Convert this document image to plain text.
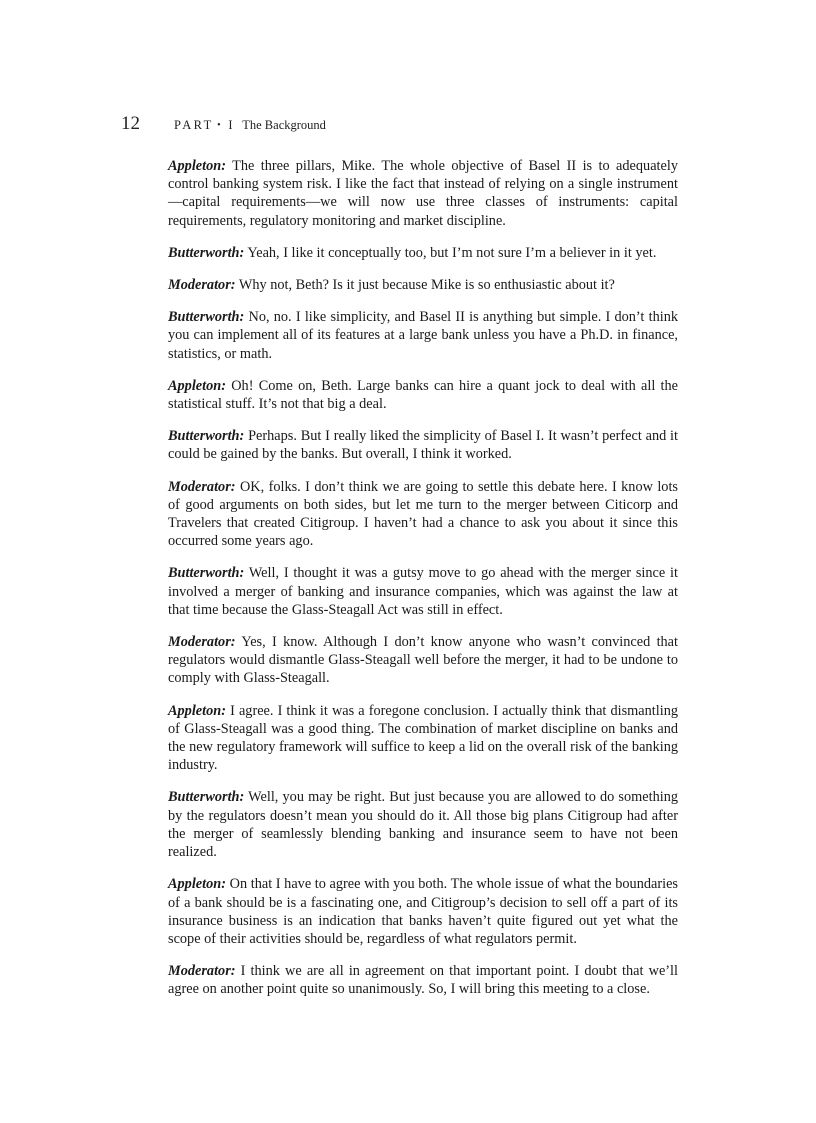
12	PART • I The Background

Appleton: The three pillars, Mike. The whole objective of Basel II is to adequately control banking system risk. I like the fact that instead of relying on a single instrument—capital requirements—we will now use three classes of instruments: capital requirements, regulatory monitoring and market discipline.

Butterworth: Yeah, I like it conceptually too, but I’m not sure I’m a believer in it yet.

Moderator: Why not, Beth? Is it just because Mike is so enthusiastic about it?

Butterworth: No, no. I like simplicity, and Basel II is anything but simple. I don’t think you can implement all of its features at a large bank unless you have a Ph.D. in finance, statistics, or math.

Appleton: Oh! Come on, Beth. Large banks can hire a quant jock to deal with all the statistical stuff. It’s not that big a deal.

Butterworth: Perhaps. But I really liked the simplicity of Basel I. It wasn’t perfect and it could be gained by the banks. But overall, I think it worked.

Moderator: OK, folks. I don’t think we are going to settle this debate here. I know lots of good arguments on both sides, but let me turn to the merger between Citicorp and Travelers that created Citigroup. I haven’t had a chance to ask you about it since this occurred some years ago.

Butterworth: Well, I thought it was a gutsy move to go ahead with the merger since it involved a merger of banking and insurance companies, which was against the law at that time because the Glass-Steagall Act was still in effect.

Moderator: Yes, I know. Although I don’t know anyone who wasn’t convinced that regulators would dismantle Glass-Steagall well before the merger, it had to be undone to comply with Glass-Steagall.

Appleton: I agree. I think it was a foregone conclusion. I actually think that dismantling of Glass-Steagall was a good thing. The combination of market discipline on banks and the new regulatory framework will suffice to keep a lid on the overall risk of the banking industry.

Butterworth: Well, you may be right. But just because you are allowed to do something by the regulators doesn’t mean you should do it. All those big plans Citigroup had after the merger of seamlessly blending banking and insurance seem to have not been realized.

Appleton: On that I have to agree with you both. The whole issue of what the boundaries of a bank should be is a fascinating one, and Citigroup’s decision to sell off a part of its insurance business is an indication that banks haven’t quite figured out yet what the scope of their activities should be, regardless of what regulators permit.

Moderator: I think we are all in agreement on that important point. I doubt that we’ll agree on another point quite so unanimously. So, I will bring this meeting to a close.
